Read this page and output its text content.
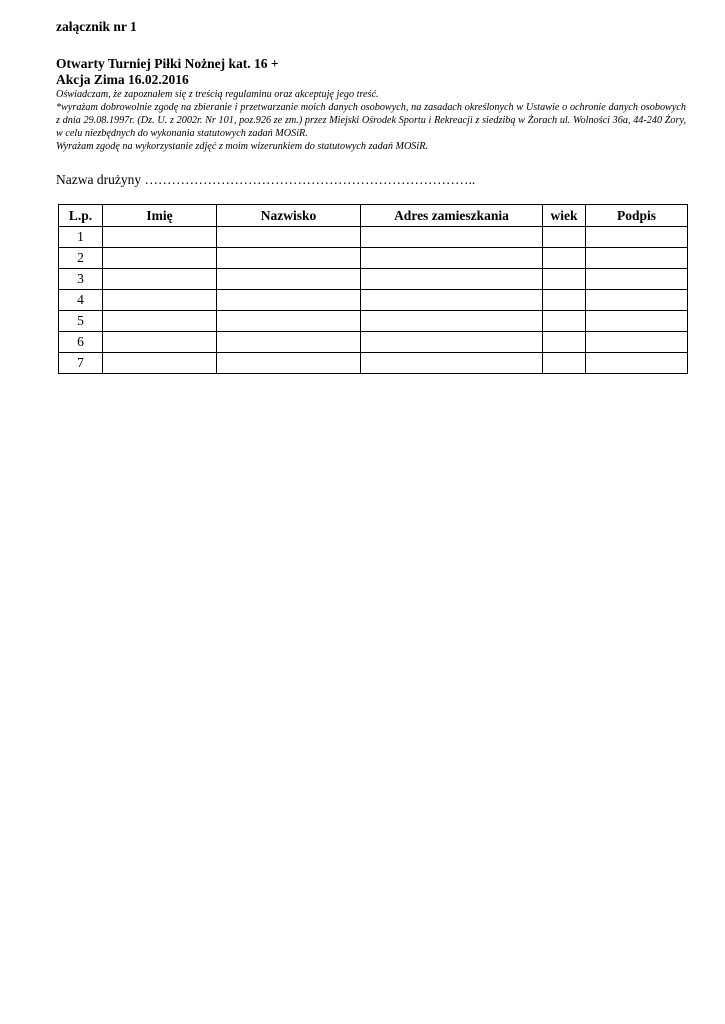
załącznik nr 1
Otwarty Turniej Piłki Nożnej kat. 16 +
Akcja Zima 16.02.2016

Oświadczam, że zapoznałem się z treścią regulaminu oraz akceptuję jego treść.

*wyrażam dobrowolnie zgodę na zbieranie i przetwarzanie moich danych osobowych, na zasadach określonych w Ustawie o ochronie danych osobowych z dnia 29.08.1997r. (Dz. U. z 2002r. Nr 101, poz.926 ze zm.) przez Miejski Ośrodek Sportu i Rekreacji z siedzibą w Żorach ul. Wolności 36a, 44-240 Żory, w celu niezbędnych do wykonania statutowych zadań MOSiR.

Wyrażam zgodę na wykorzystanie zdjęć z moim wizerunkiem do statutowych zadań MOSiR.

Nazwa drużyny ………………………………………………………………..
L.p.	Imię	Nazwisko	Adres zamieszkania	wiek	Podpis
1					
2					
3					
4					
5					
6					
7					
